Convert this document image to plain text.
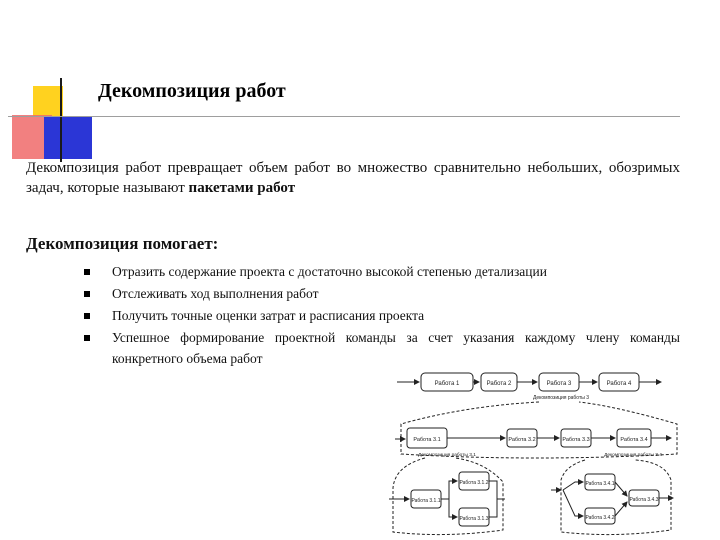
Декомпозиция работ

Декомпозиция работ превращает объем работ во множество сравнительно небольших, обозримых задач, которые называют пакетами работ

Декомпозиция помогает:

Отразить содержание проекта с достаточно высокой степенью детализации
Отслеживать ход выполнения работ
Получить точные оценки затрат и расписания проекта
Успешное формирование проектной команды за счет указания каждому члену команды конкретного объема работ
Работа 1	Работа 2	Работа 3	Работа 4
Декомпозиция работы 3
Работа 3.1	Работа 3.2	Работа 3.3	Работа 3.4
Декомпозиция работы 3.1	Декомпозиция работы 3.4
Работа 3.1.1
Работа 3.1.2
Работа 3.1.3
Работа 3.4.1
Работа 3.4.2
Работа 3.4.3
